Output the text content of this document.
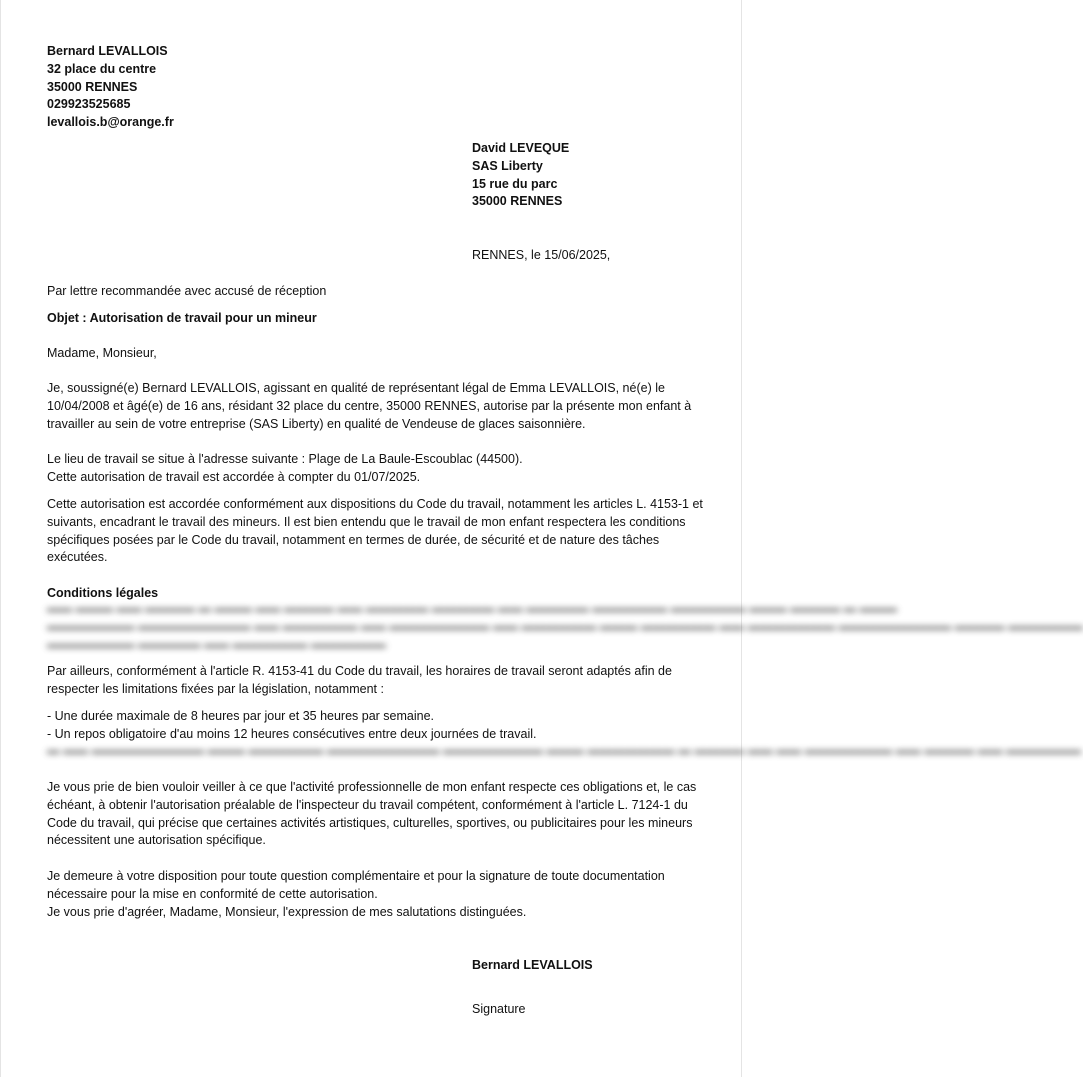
Bernard LEVALLOIS
32 place du centre
35000 RENNES
029923525685
levallois.b@orange.fr
David LEVEQUE
SAS Liberty
15 rue du parc
35000 RENNES
RENNES, le 15/06/2025,
Par lettre recommandée avec accusé de réception
Objet : Autorisation de travail pour un mineur
Madame, Monsieur,
Je, soussigné(e) Bernard LEVALLOIS, agissant en qualité de représentant légal de Emma LEVALLOIS, né(e) le
10/04/2008 et âgé(e) de 16 ans, résidant 32 place du centre, 35000 RENNES, autorise par la présente mon enfant à
travailler au sein de votre entreprise (SAS Liberty) en qualité de Vendeuse de glaces saisonnière.
Le lieu de travail se situe à l'adresse suivante : Plage de La Baule-Escoublac (44500).
Cette autorisation de travail est accordée à compter du 01/07/2025.
Cette autorisation est accordée conformément aux dispositions du Code du travail, notamment les articles L. 4153-1 et
suivants, encadrant le travail des mineurs. Il est bien entendu que le travail de mon enfant respectera les conditions
spécifiques posées par le Code du travail, notamment en termes de durée, de sécurité et de nature des tâches
exécutées.
Conditions légales
▬▬ ▬▬▬ ▬▬ ▬▬▬▬ ▬ ▬▬▬ ▬▬ ▬▬▬▬ ▬▬ ▬▬▬▬▬ ▬▬▬▬▬ ▬▬ ▬▬▬▬▬ ▬▬▬▬▬▬ ▬▬▬▬▬▬ ▬▬▬ ▬▬▬▬ ▬ ▬▬▬
▬▬▬▬▬▬▬ ▬▬▬▬▬▬▬▬▬ ▬▬ ▬▬▬▬▬▬ ▬▬ ▬▬▬▬▬▬▬▬ ▬▬ ▬▬▬▬▬▬ ▬▬▬ ▬▬▬▬▬▬ ▬▬ ▬▬▬▬▬▬▬ ▬▬▬▬▬▬▬▬▬ ▬▬▬▬ ▬▬▬▬▬▬
▬▬▬▬▬▬▬ ▬▬▬▬▬ ▬▬ ▬▬▬▬▬▬ ▬▬▬▬▬▬
Par ailleurs, conformément à l'article R. 4153-41 du Code du travail, les horaires de travail seront adaptés afin de
respecter les limitations fixées par la législation, notamment :
- Une durée maximale de 8 heures par jour et 35 heures par semaine.
- Un repos obligatoire d'au moins 12 heures consécutives entre deux journées de travail.
▬ ▬▬ ▬▬▬▬▬▬▬▬▬ ▬▬▬ ▬▬▬▬▬▬ ▬▬▬▬▬▬▬▬▬ ▬▬▬▬▬▬▬▬ ▬▬▬ ▬▬▬▬▬▬▬ ▬ ▬▬▬▬ ▬▬ ▬▬ ▬▬▬▬▬▬▬ ▬▬ ▬▬▬▬ ▬▬ ▬▬▬▬▬▬
Je vous prie de bien vouloir veiller à ce que l'activité professionnelle de mon enfant respecte ces obligations et, le cas
échéant, à obtenir l'autorisation préalable de l'inspecteur du travail compétent, conformément à l'article L. 7124-1 du
Code du travail, qui précise que certaines activités artistiques, culturelles, sportives, ou publicitaires pour les mineurs
nécessitent une autorisation spécifique.
Je demeure à votre disposition pour toute question complémentaire et pour la signature de toute documentation
nécessaire pour la mise en conformité de cette autorisation.
Je vous prie d'agréer, Madame, Monsieur, l'expression de mes salutations distinguées.
Bernard LEVALLOIS
Signature
